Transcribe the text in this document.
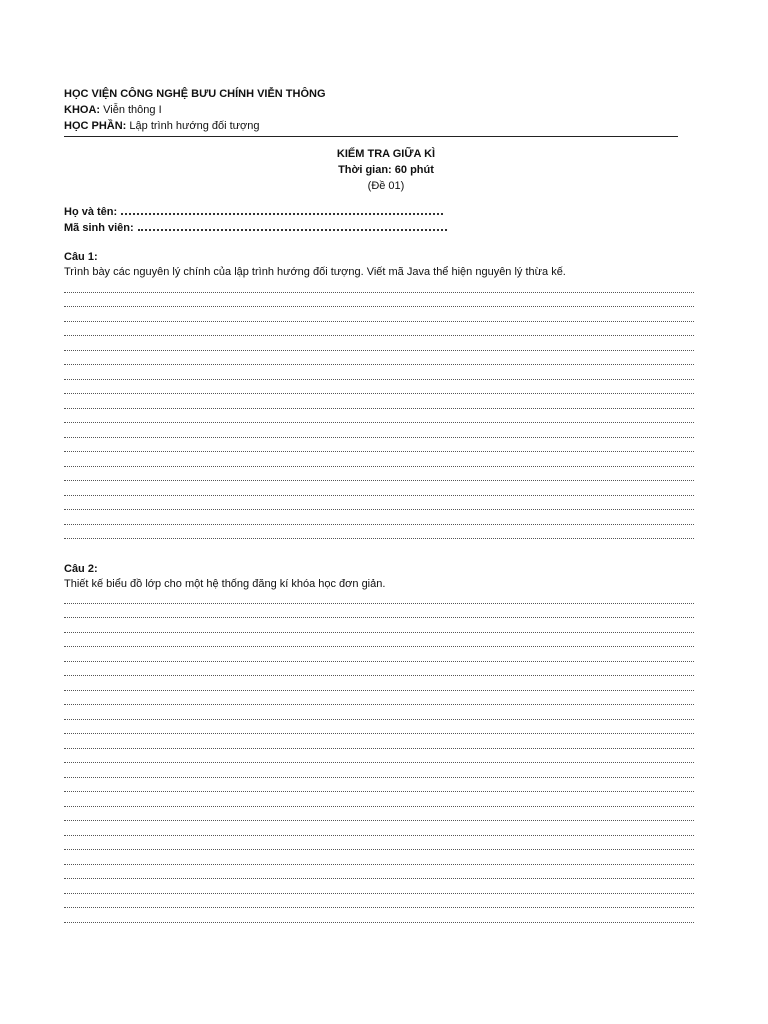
HỌC VIỆN CÔNG NGHỆ BƯU CHÍNH VIỄN THÔNG
KHOA: Viễn thông I
HỌC PHẦN: Lập trình hướng đối tượng
KIẾM TRA GIỮA KÌ
Thời gian: 60 phút
(Đề 01)
Họ và tên:
Mã sinh viên:
Câu 1:
Trình bày các nguyên lý chính của lập trình hướng đối tượng. Viết mã Java thể hiện nguyên lý thừa kế.
Câu 2:
Thiết kế biểu đồ lớp cho một hệ thống đăng kí khóa học đơn giản.
